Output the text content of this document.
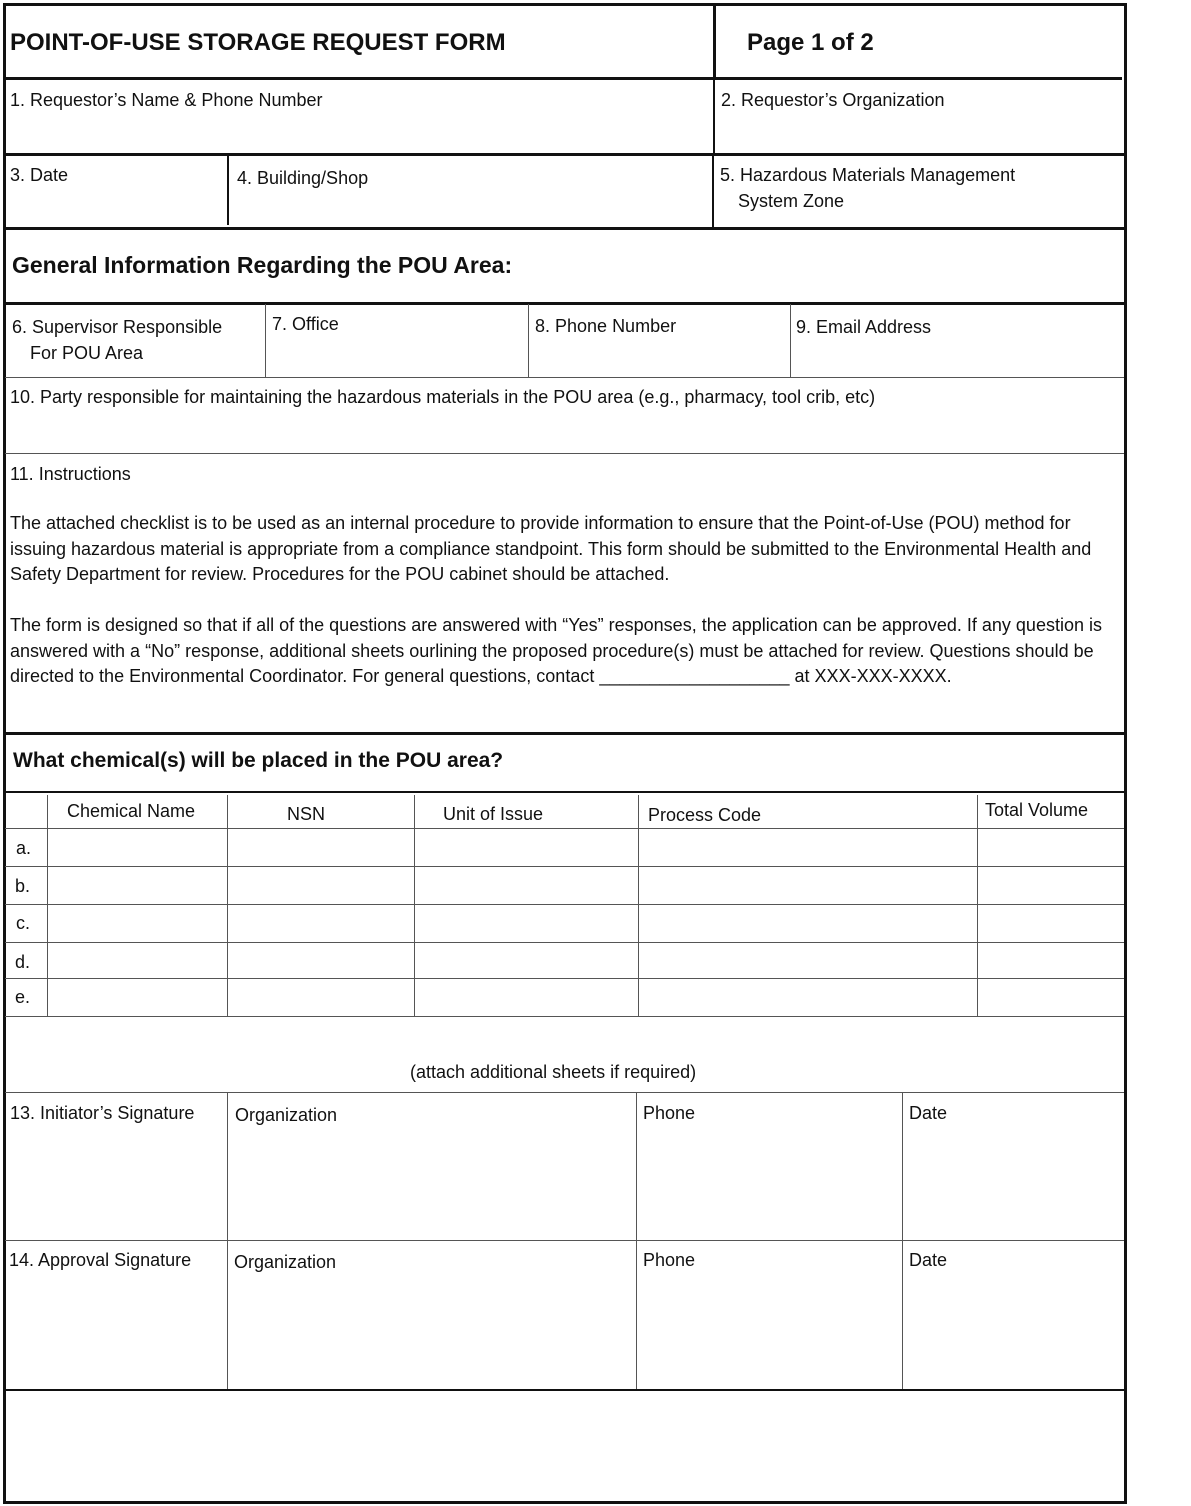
POINT-OF-USE STORAGE REQUEST FORM	Page 1 of 2
1. Requestor’s Name & Phone Number	2. Requestor’s Organization
3. Date	4. Building/Shop	5. Hazardous Materials Management
System Zone
General Information Regarding the POU Area:
6. Supervisor Responsible
For POU Area
7. Office	8. Phone Number	9. Email Address
10. Party responsible for maintaining the hazardous materials in the POU area (e.g., pharmacy, tool crib, etc)
11. Instructions
The attached checklist is to be used as an internal procedure to provide information to ensure that the Point-of-Use (POU) method for issuing hazardous material is appropriate from a compliance standpoint. This form should be submitted to the Environmental Health and Safety Department for review. Procedures for the POU cabinet should be attached.
The form is designed so that if all of the questions are answered with “Yes” responses, the application can be approved. If any question is answered with a “No” response, additional sheets ourlining the proposed procedure(s) must be attached for review. Questions should be directed to the Environmental Coordinator. For general questions, contact ___________________ at XXX-XXX-XXXX.
What chemical(s) will be placed in the POU area?
Chemical Name	NSN	Unit of Issue	Process Code	Total Volume
a.
b.
c.
d.
e.
(attach additional sheets if required)
13. Initiator’s Signature Organization	Phone	Date
14. Approval Signature Organization	Phone	Date
